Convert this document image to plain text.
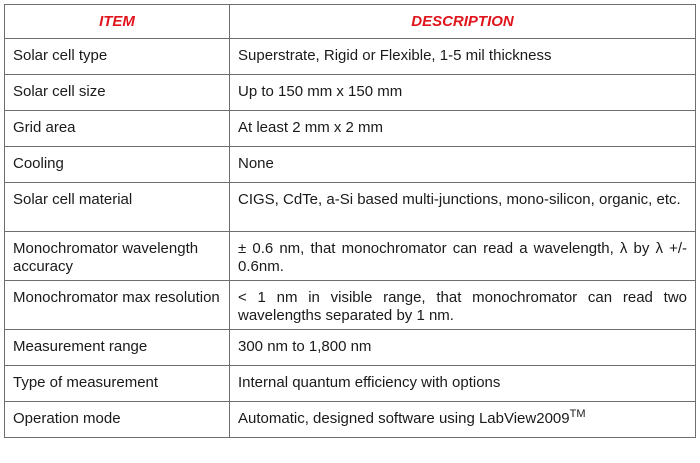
ITEM	DESCRIPTION
Solar cell type	Superstrate, Rigid or Flexible, 1-5 mil thickness
Solar cell size	Up to 150 mm x 150 mm
Grid area	At least 2 mm x 2 mm
Cooling	None
Solar cell material	CIGS, CdTe, a-Si based multi-junctions, mono-silicon, organic, etc.
Monochromator wavelength accuracy	± 0.6 nm, that monochromator can read a wavelength, λ by λ +/- 0.6nm.
Monochromator max resolution	< 1 nm in visible range, that monochromator can read two wavelengths separated by 1 nm.
Measurement range	300 nm to 1,800 nm
Type of measurement	Internal quantum efficiency with options
Operation mode	Automatic, designed software using LabView2009™
